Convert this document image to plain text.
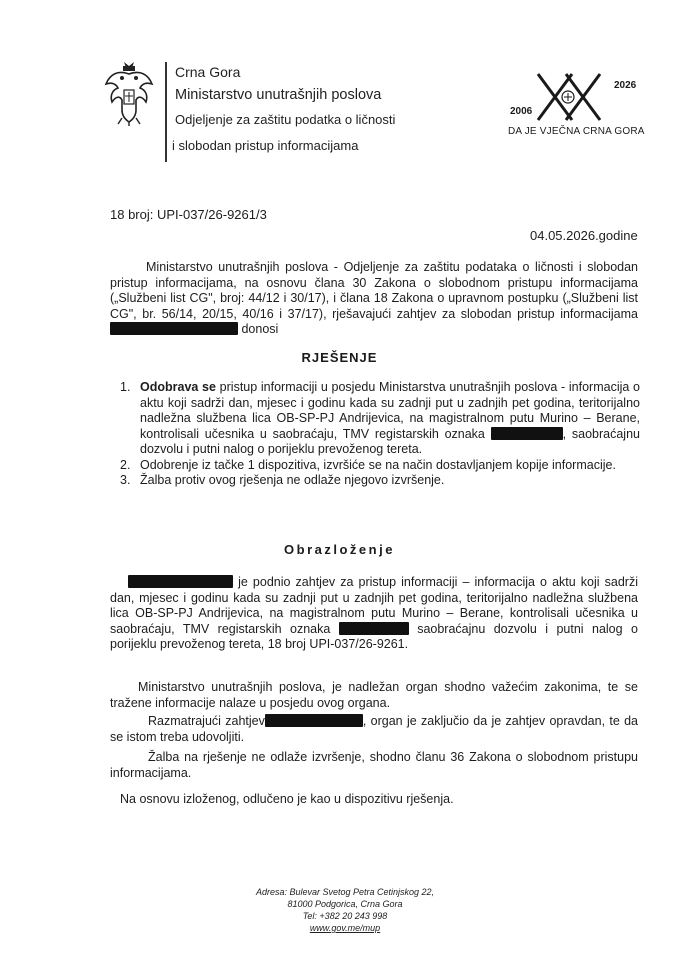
Crna Gora
Ministarstvo unutrašnjih poslova
Odjeljenje za zaštitu podatka o ličnosti
i slobodan pristup informacijama
2026
2006
DA JE VJEČNA CRNA GORA
18 broj: UPI-037/26-9261/3
04.05.2026.godine
Ministarstvo unutrašnjih poslova - Odjeljenje za zaštitu podataka o ličnosti i slobodan pristup informacijama, na osnovu člana 30 Zakona o slobodnom pristupu informacijama („Službeni list CG", broj: 44/12 i 30/17), i člana 18 Zakona o upravnom postupku („Službeni list CG", br. 56/14, 20/15, 40/16 i 37/17), rješavajući zahtjev za slobodan pristup informacijama  donosi
RJEŠENJE
1. Odobrava se pristup informaciji u posjedu Ministarstva unutrašnjih poslova - informacija o aktu koji sadrži dan, mjesec i godinu kada su zadnji put u zadnjih pet godina, teritorijalno nadležna službena lica OB-SP-PJ Andrijevica, na magistralnom putu Murino – Berane, kontrolisali učesnika u saobraćaju, TMV registarskih oznaka	, saobraćajnu dozvolu i putni nalog o porijeklu prevoženog tereta.
2. Odobrenje iz tačke 1 dispozitiva, izvršiće se na način dostavljanjem kopije informacije.
3. Žalba protiv ovog rješenja ne odlaže njegovo izvršenje.
Obrazloženje
je podnio zahtjev za pristup informaciji – informacija o aktu koji sadrži dan, mjesec i godinu kada su zadnji put u zadnjih pet godina, teritorijalno nadležna službena lica OB-SP-PJ Andrijevica, na magistralnom putu Murino – Berane, kontrolisali učesnika u saobraćaju, TMV registarskih oznaka	saobraćajnu dozvolu i putni nalog o porijeklu prevoženog tereta, 18 broj UPI-037/26-9261.
Ministarstvo unutrašnjih poslova, je nadležan organ shodno važećim zakonima, te se tražene informacije nalaze u posjedu ovog organa.
Razmatrajući zahtjev	, organ je zaključio da je zahtjev opravdan, te da se istom treba udovoljiti.
Žalba na rješenje ne odlaže izvršenje, shodno članu 36 Zakona o slobodnom pristupu informacijama.
Na osnovu izloženog, odlučeno je kao u dispozitivu rješenja.
Adresa: Bulevar Svetog Petra Cetinjskog 22,
81000 Podgorica, Crna Gora
Tel: +382 20 243 998
www.gov.me/mup
